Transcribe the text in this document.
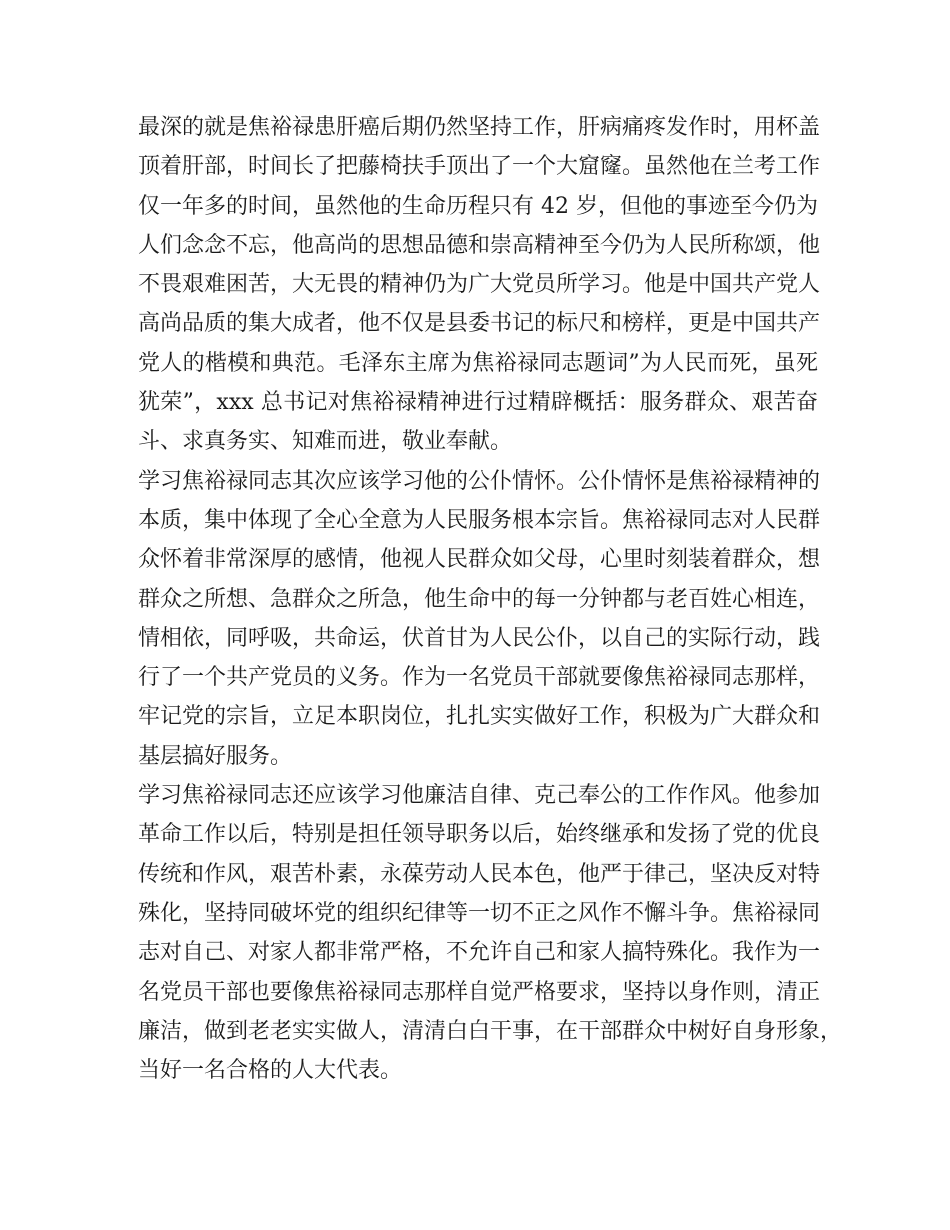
最深的就是焦裕禄患肝癌后期仍然坚持工作，肝病痛疼发作时，用杯盖
顶着肝部，时间长了把藤椅扶手顶出了一个大窟窿。虽然他在兰考工作
仅一年多的时间，虽然他的生命历程只有 42 岁，但他的事迹至今仍为
人们念念不忘，他高尚的思想品德和崇高精神至今仍为人民所称颂，他
不畏艰难困苦，大无畏的精神仍为广大党员所学习。他是中国共产党人
高尚品质的集大成者，他不仅是县委书记的标尺和榜样，更是中国共产
党人的楷模和典范。毛泽东主席为焦裕禄同志题词”为人民而死，虽死
犹荣”，xxx 总书记对焦裕禄精神进行过精辟概括：服务群众、艰苦奋
斗、求真务实、知难而进，敬业奉献。
学习焦裕禄同志其次应该学习他的公仆情怀。公仆情怀是焦裕禄精神的
本质，集中体现了全心全意为人民服务根本宗旨。焦裕禄同志对人民群
众怀着非常深厚的感情，他视人民群众如父母，心里时刻装着群众，想
群众之所想、急群众之所急，他生命中的每一分钟都与老百姓心相连，
情相依，同呼吸，共命运，伏首甘为人民公仆，以自己的实际行动，践
行了一个共产党员的义务。作为一名党员干部就要像焦裕禄同志那样，
牢记党的宗旨，立足本职岗位，扎扎实实做好工作，积极为广大群众和
基层搞好服务。
学习焦裕禄同志还应该学习他廉洁自律、克己奉公的工作作风。他参加
革命工作以后，特别是担任领导职务以后，始终继承和发扬了党的优良
传统和作风，艰苦朴素，永葆劳动人民本色，他严于律己，坚决反对特
殊化，坚持同破坏党的组织纪律等一切不正之风作不懈斗争。焦裕禄同
志对自己、对家人都非常严格，不允许自己和家人搞特殊化。我作为一
名党员干部也要像焦裕禄同志那样自觉严格要求，坚持以身作则，清正
廉洁，做到老老实实做人，清清白白干事，在干部群众中树好自身形象，
当好一名合格的人大代表。
